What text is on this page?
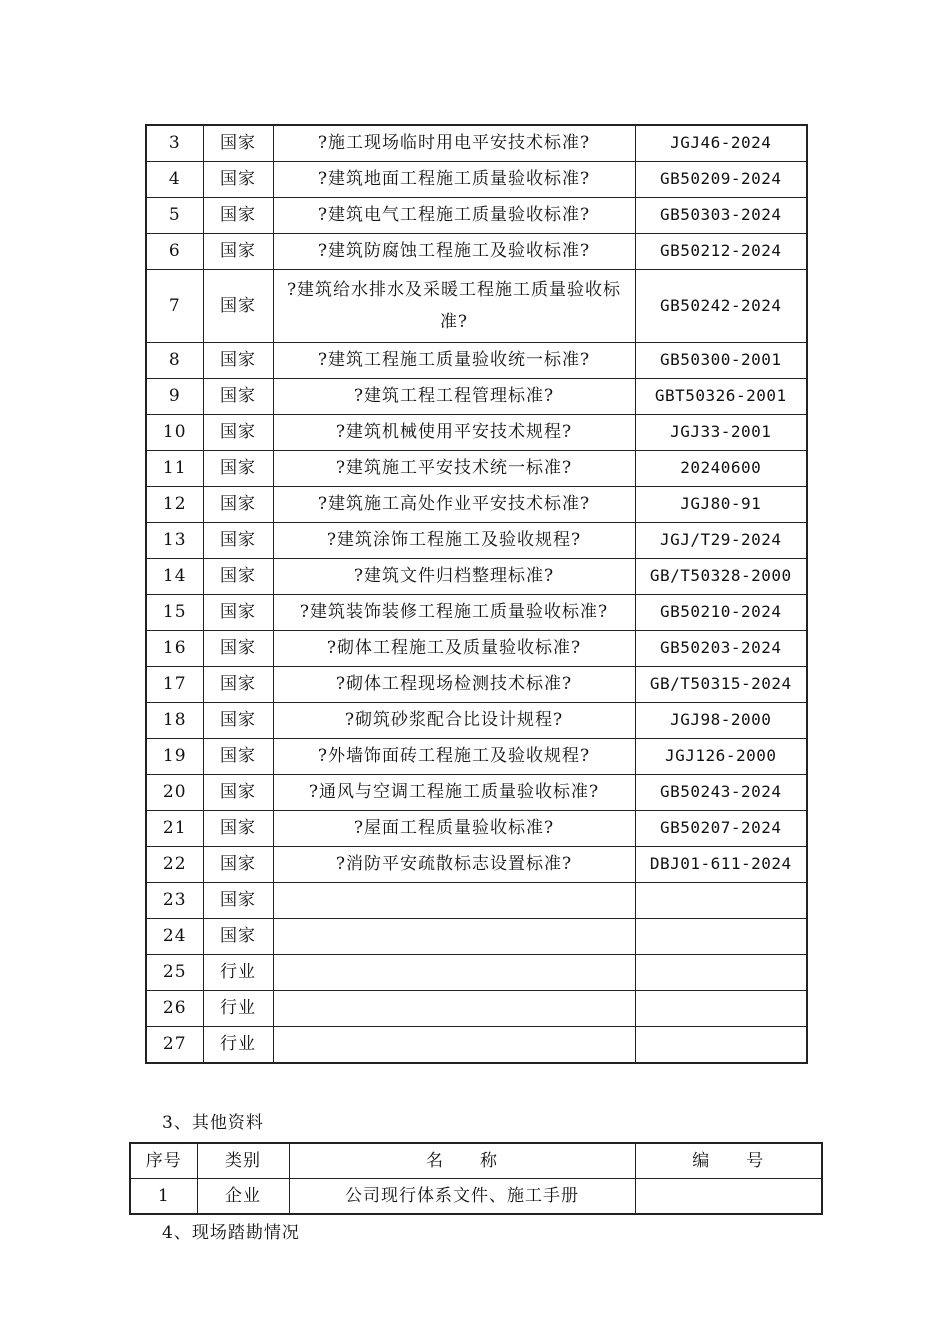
3	国家	?施工现场临时用电平安技术标准?	JGJ46-2024
4	国家	?建筑地面工程施工质量验收标准?	GB50209-2024
5	国家	?建筑电气工程施工质量验收标准?	GB50303-2024
6	国家	?建筑防腐蚀工程施工及验收标准?	GB50212-2024
7	国家	?建筑给水排水及采暖工程施工质量验收标准?	GB50242-2024
8	国家	?建筑工程施工质量验收统一标准?	GB50300-2001
9	国家	?建筑工程工程管理标准?	GBT50326-2001
10	国家	?建筑机械使用平安技术规程?	JGJ33-2001
11	国家	?建筑施工平安技术统一标准?	20240600
12	国家	?建筑施工高处作业平安技术标准?	JGJ80-91
13	国家	?建筑涂饰工程施工及验收规程?	JGJ/T29-2024
14	国家	?建筑文件归档整理标准?	GB/T50328-2000
15	国家	?建筑装饰装修工程施工质量验收标准?	GB50210-2024
16	国家	?砌体工程施工及质量验收标准?	GB50203-2024
17	国家	?砌体工程现场检测技术标准?	GB/T50315-2024
18	国家	?砌筑砂浆配合比设计规程?	JGJ98-2000
19	国家	?外墙饰面砖工程施工及验收规程?	JGJ126-2000
20	国家	?通风与空调工程施工质量验收标准?	GB50243-2024
21	国家	?屋面工程质量验收标准?	GB50207-2024
22	国家	?消防平安疏散标志设置标准?	DBJ01-611-2024
23	国家		
24	国家		
25	行业		
26	行业		
27	行业		
3、其他资料
序号	类别	名　　称	编　　号
1	企业	公司现行体系文件、施工手册	
4、现场踏勘情况
